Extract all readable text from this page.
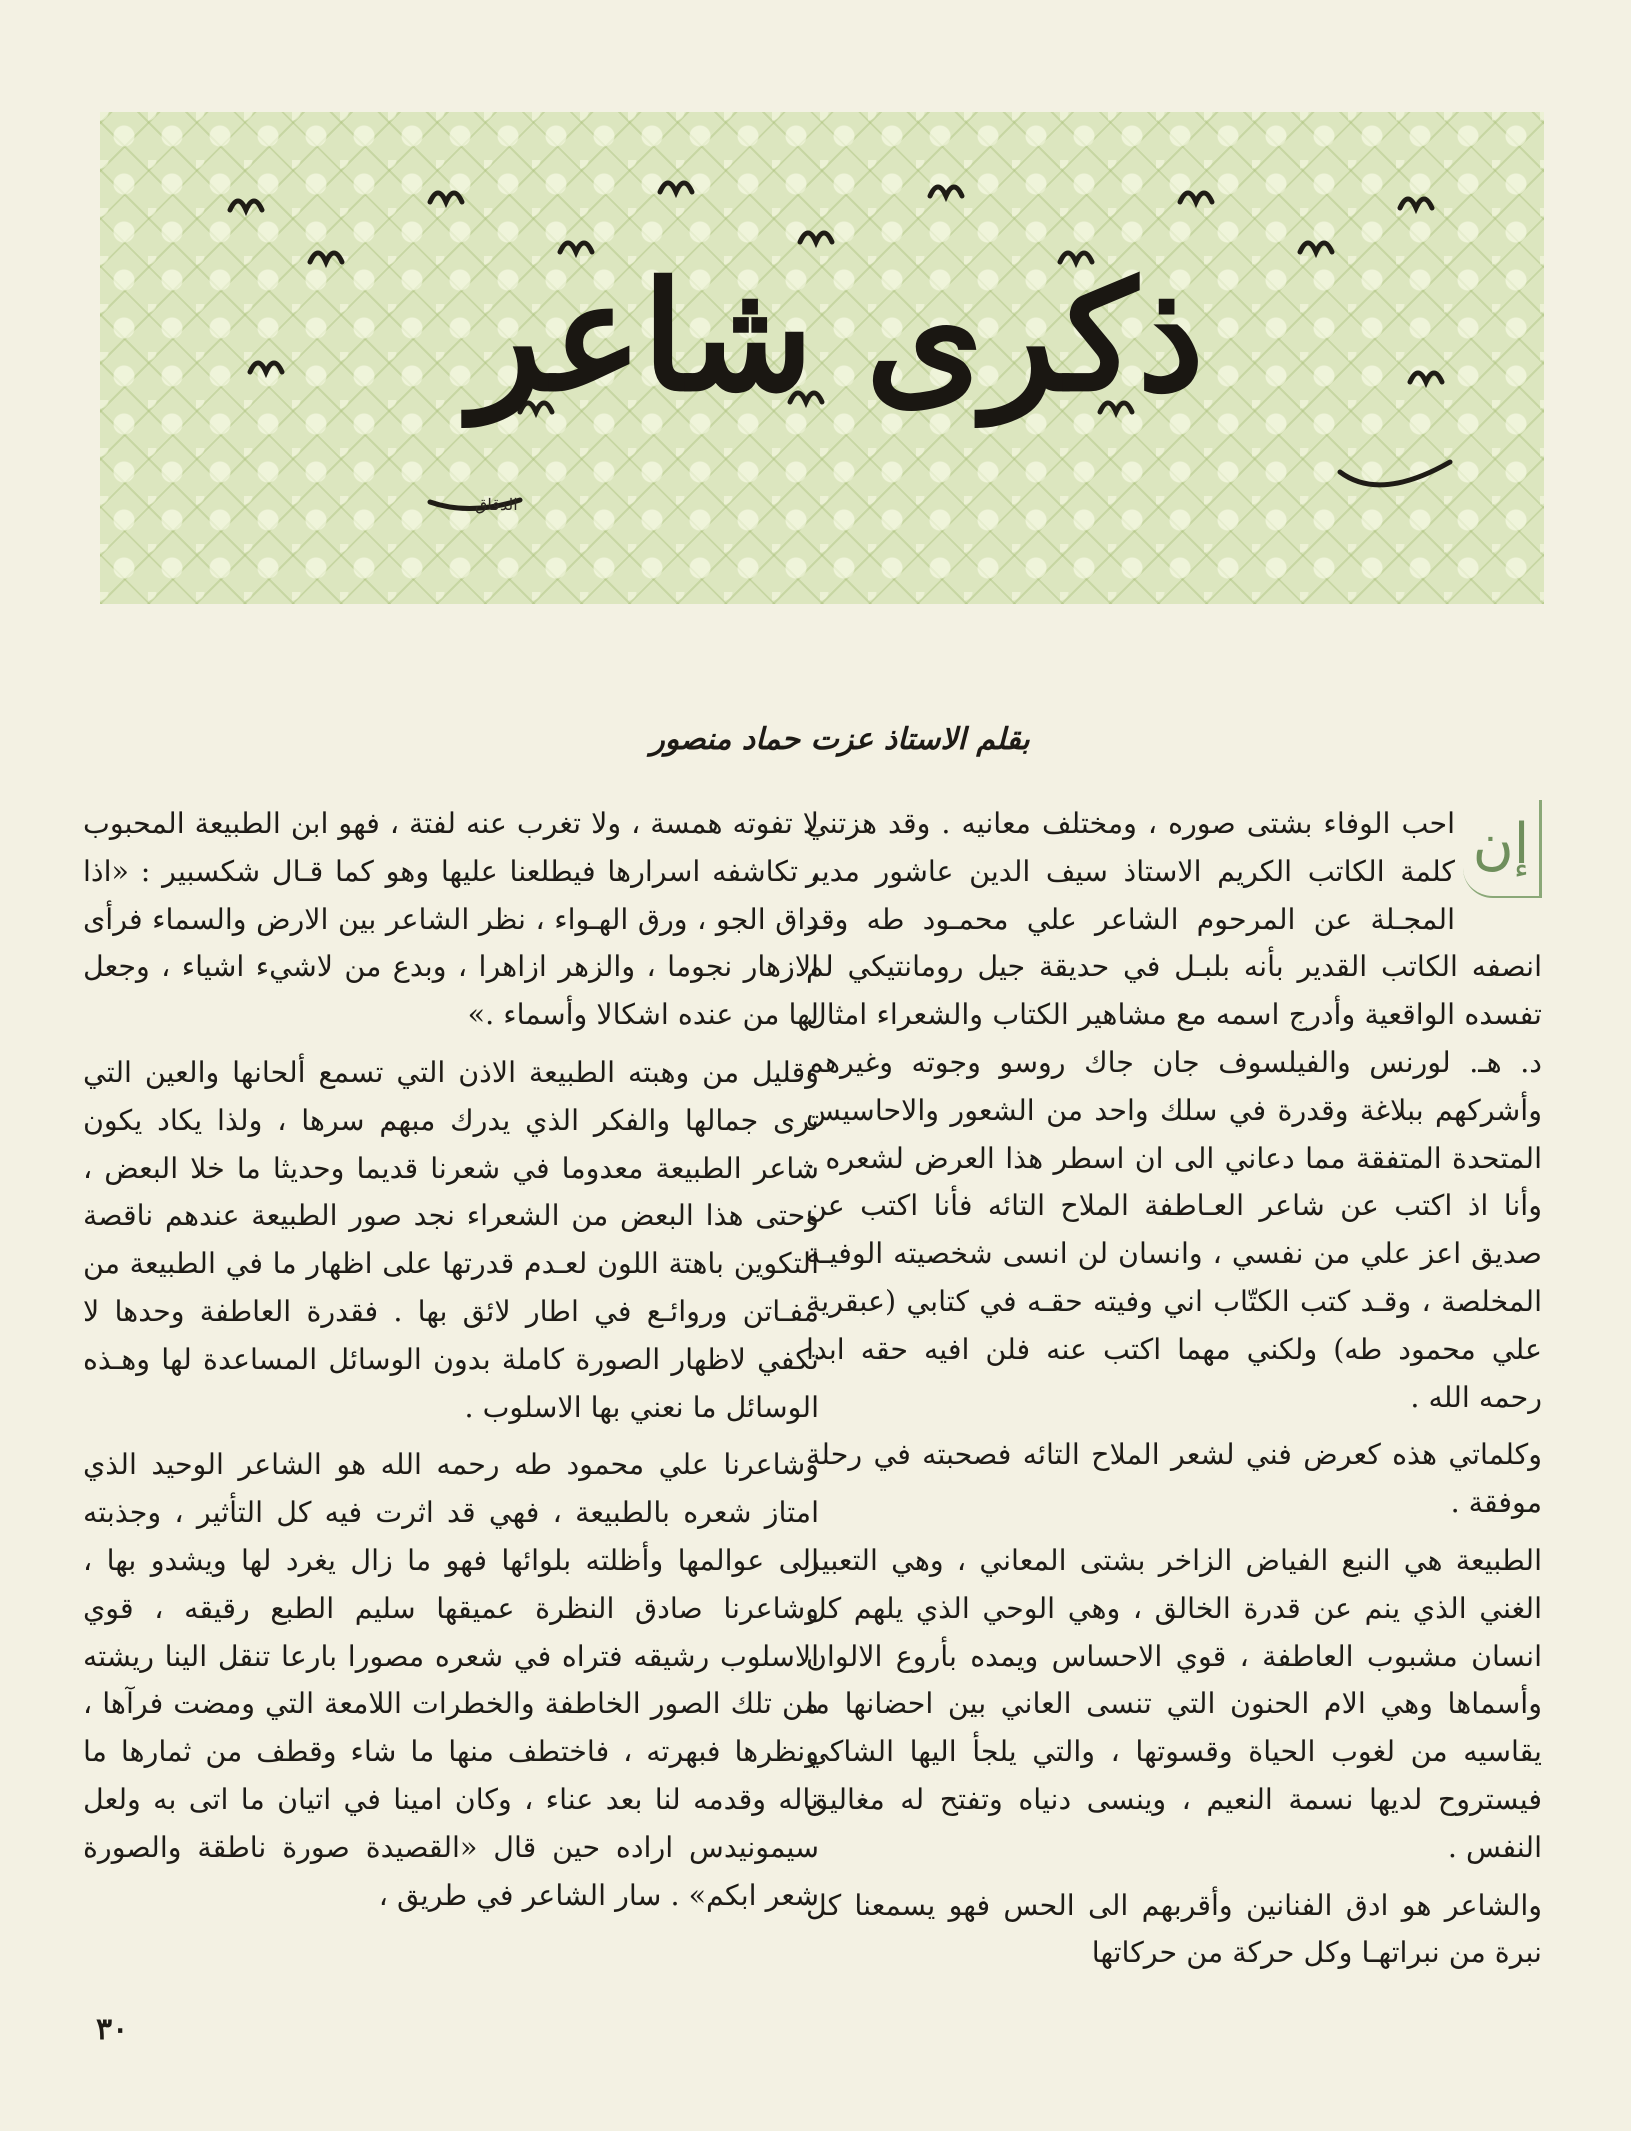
ذكرى شاعر
الدقاق
بقلم الاستاذ عزت حماد منصور
إن

احب الوفاء بشتى صوره ، ومختلف معانيه . وقد هزتني كلمة الكاتب الكريم الاستاذ سيف الدين عاشور مدير المجـلة عن المرحوم الشاعر علي محمـود طه وقد انصفه الكاتب القدير بأنه بلبـل في حديقة جيل رومانتيكي لم تفسده الواقعية وأدرج اسمه مع مشاهير الكتاب والشعراء امثال د. هـ. لورنس والفيلسوف جان جاك روسو وجوته وغيرهم وأشركهم ببلاغة وقدرة في سلك واحد من الشعور والاحاسيس المتحدة المتفقة مما دعاني الى ان اسطر هذا العرض لشعره . وأنا اذ اكتب عن شاعر العـاطفة الملاح التائه فأنا اكتب عن صديق اعز علي من نفسي ، وانسان لن انسى شخصيته الوفيـة المخلصة ، وقـد كتب الكتّاب اني وفيته حقـه في كتابي (عبقرية علي محمود طه) ولكني مهما اكتب عنه فلن افيه حقه ابدا رحمه الله .

وكلماتي هذه كعرض فني لشعر الملاح التائه فصحبته في رحلة موفقة .

الطبيعة هي النبع الفياض الزاخر بشتى المعاني ، وهي التعبير الغني الذي ينم عن قدرة الخالق ، وهي الوحي الذي يلهم كل انسان مشبوب العاطفة ، قوي الاحساس ويمده بأروع الالوان وأسماها وهي الام الحنون التي تنسى العاني بين احضانها ما يقاسيه من لغوب الحياة وقسوتها ، والتي يلجأ اليها الشاكي فيستروح لديها نسمة النعيم ، وينسى دنياه وتفتح له مغاليق النفس .

والشاعر هو ادق الفنانين وأقربهم الى الحس فهو يسمعنا كل نبرة من نبراتهـا وكل حركة من حركاتها

لا تفوته همسة ، ولا تغرب عنه لفتة ، فهو ابن الطبيعة المحبوب ، تكاشفه اسرارها فيطلعنا عليها وهو كما قـال شكسبير : «اذا راق الجو ، ورق الهـواء ، نظر الشاعر بين الارض والسماء فرأى الازهار نجوما ، والزهر ازاهرا ، وبدع من لاشيء اشياء ، وجعل لها من عنده اشكالا وأسماء .»

وقليل من وهبته الطبيعة الاذن التي تسمع ألحانها والعين التي ترى جمالها والفكر الذي يدرك مبهم سرها ، ولذا يكاد يكون شاعر الطبيعة معدوما في شعرنا قديما وحديثا ما خلا البعض ، وحتى هذا البعض من الشعراء نجد صور الطبيعة عندهم ناقصة التكوين باهتة اللون لعـدم قدرتها على اظهار ما في الطبيعة من مفـاتن وروائـع في اطار لائق بها . فقدرة العاطفة وحدها لا تكفي لاظهار الصورة كاملة بدون الوسائل المساعدة لها وهـذه الوسائل ما نعني بها الاسلوب .

وشاعرنا علي محمود طه رحمه الله هو الشاعر الوحيد الذي امتاز شعره بالطبيعة ، فهي قد اثرت فيه كل التأثير ، وجذبته الى عوالمها وأظلته بلوائها فهو ما زال يغرد لها ويشدو بها ، وشاعرنا صادق النظرة عميقها سليم الطبع رقيقه ، قوي الاسلوب رشيقه فتراه في شعره مصورا بارعا تنقل الينا ريشته من تلك الصور الخاطفة والخطرات اللامعة التي ومضت فرآها ، ونظرها فبهرته ، فاختطف منها ما شاء وقطف من ثمارها ما ناله وقدمه لنا بعد عناء ، وكان امينا في اتيان ما اتى به ولعل سيمونيدس اراده حين قال «القصيدة صورة ناطقة والصورة شعر ابكم» . سار الشاعر في طريق ،

٣٠
